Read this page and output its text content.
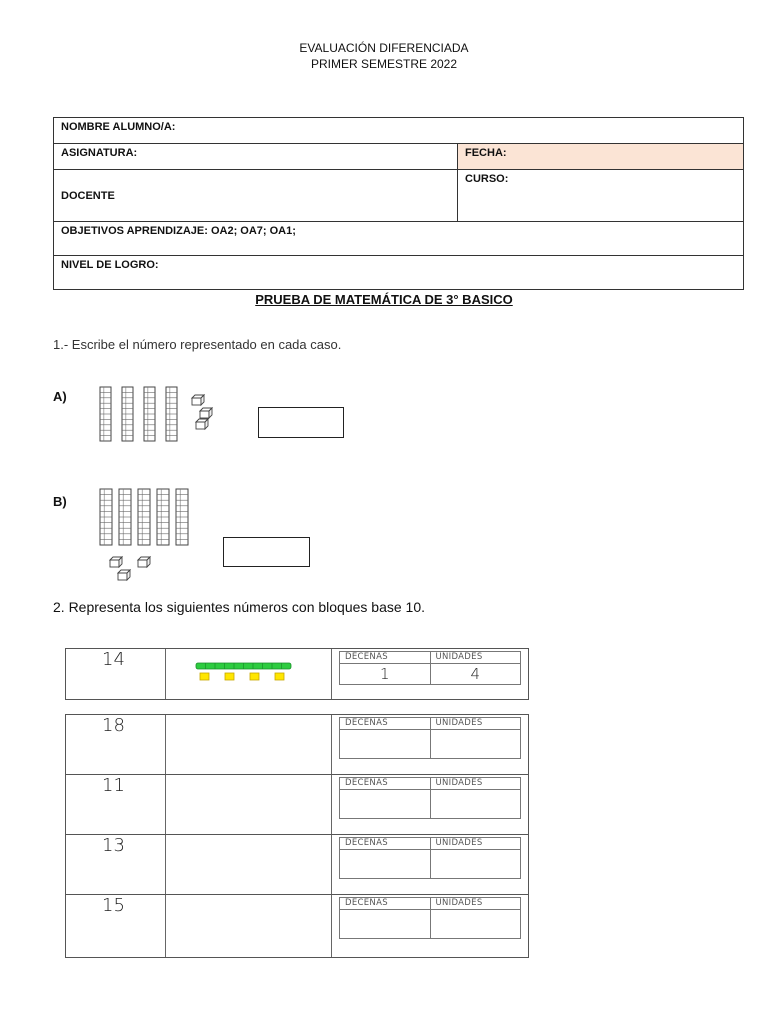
EVALUACIÓN DIFERENCIADA
PRIMER SEMESTRE 2022
NOMBRE ALUMNO/A:	
ASIGNATURA:	FECHA:
DOCENTE	CURSO:
OBJETIVOS APRENDIZAJE: OA2; OA7; OA1;	
NIVEL DE LOGRO:	
PRUEBA DE MATEMÁTICA DE 3° BASICO
1.- Escribe el número representado en cada caso.
A)
B)
2. Representa los siguientes números con bloques base 10.
14	DECENAS	UNIDADES
1	4
18	DECENAS	UNIDADES
11	DECENAS	UNIDADES
13	DECENAS	UNIDADES
15	DECENAS	UNIDADES
